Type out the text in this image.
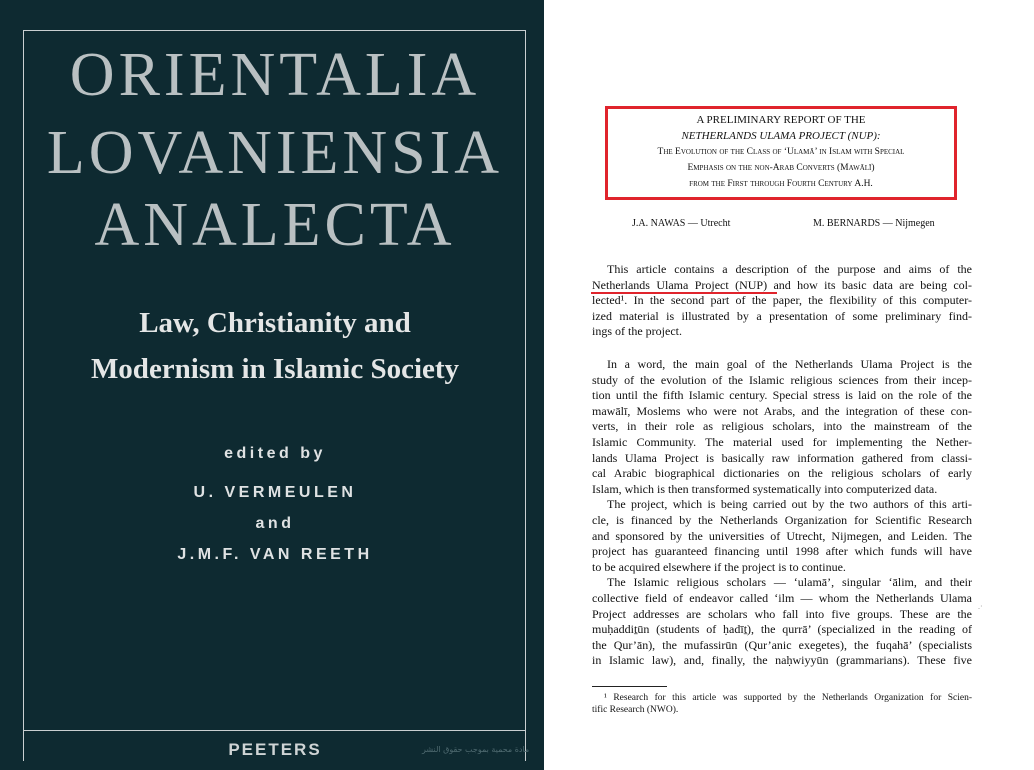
ORIENTALIA
LOVANIENSIA
ANALECTA
Law, Christianity and
Modernism in Islamic Society
edited by
U. VERMEULEN
and
J.M.F. VAN REETH
PEETERS	مادة محمية بموجب حقوق النشر
A PRELIMINARY REPORT OF THE
NETHERLANDS ULAMA PROJECT (NUP):
The Evolution of the Class of ‘Ulamā’ in Islam with Special
Emphasis on the non-Arab Converts (Mawālī)
from the First through Fourth Century A.H.
J.A. NAWAS — Utrecht	M. BERNARDS — Nijmegen
This article contains a description of the purpose and aims of the
Netherlands Ulama Project (NUP) and how its basic data are being col-
lected¹. In the second part of the paper, the flexibility of this computer-
ized material is illustrated by a presentation of some preliminary find-
ings of the project.
In a word, the main goal of the Netherlands Ulama Project is the
study of the evolution of the Islamic religious sciences from their incep-
tion until the fifth Islamic century. Special stress is laid on the role of the
mawālī, Moslems who were not Arabs, and the integration of these con-
verts, in their role as religious scholars, into the mainstream of the
Islamic Community. The material used for implementing the Nether-
lands Ulama Project is basically raw information gathered from classi-
cal Arabic biographical dictionaries on the religious scholars of early
Islam, which is then transformed systematically into computerized data.
The project, which is being carried out by the two authors of this arti-
cle, is financed by the Netherlands Organization for Scientific Research
and sponsored by the universities of Utrecht, Nijmegen, and Leiden. The
project has guaranteed financing until 1998 after which funds will have
to be acquired elsewhere if the project is to continue.
The Islamic religious scholars — ‘ulamā’, singular ‘ālim, and their
collective field of endeavor called ‘ilm — whom the Netherlands Ulama
Project addresses are scholars who fall into five groups. These are the
muḥaddiṯūn (students of ḥadīṯ), the qurrā’ (specialized in the reading of
the Qur’ān), the mufassirūn (Qur’anic exegetes), the fuqahā’ (specialists
in Islamic law), and, finally, the naḥwiyyūn (grammarians). These five
.·
¹ Research for this article was supported by the Netherlands Organization for Scien-
tific Research (NWO).
